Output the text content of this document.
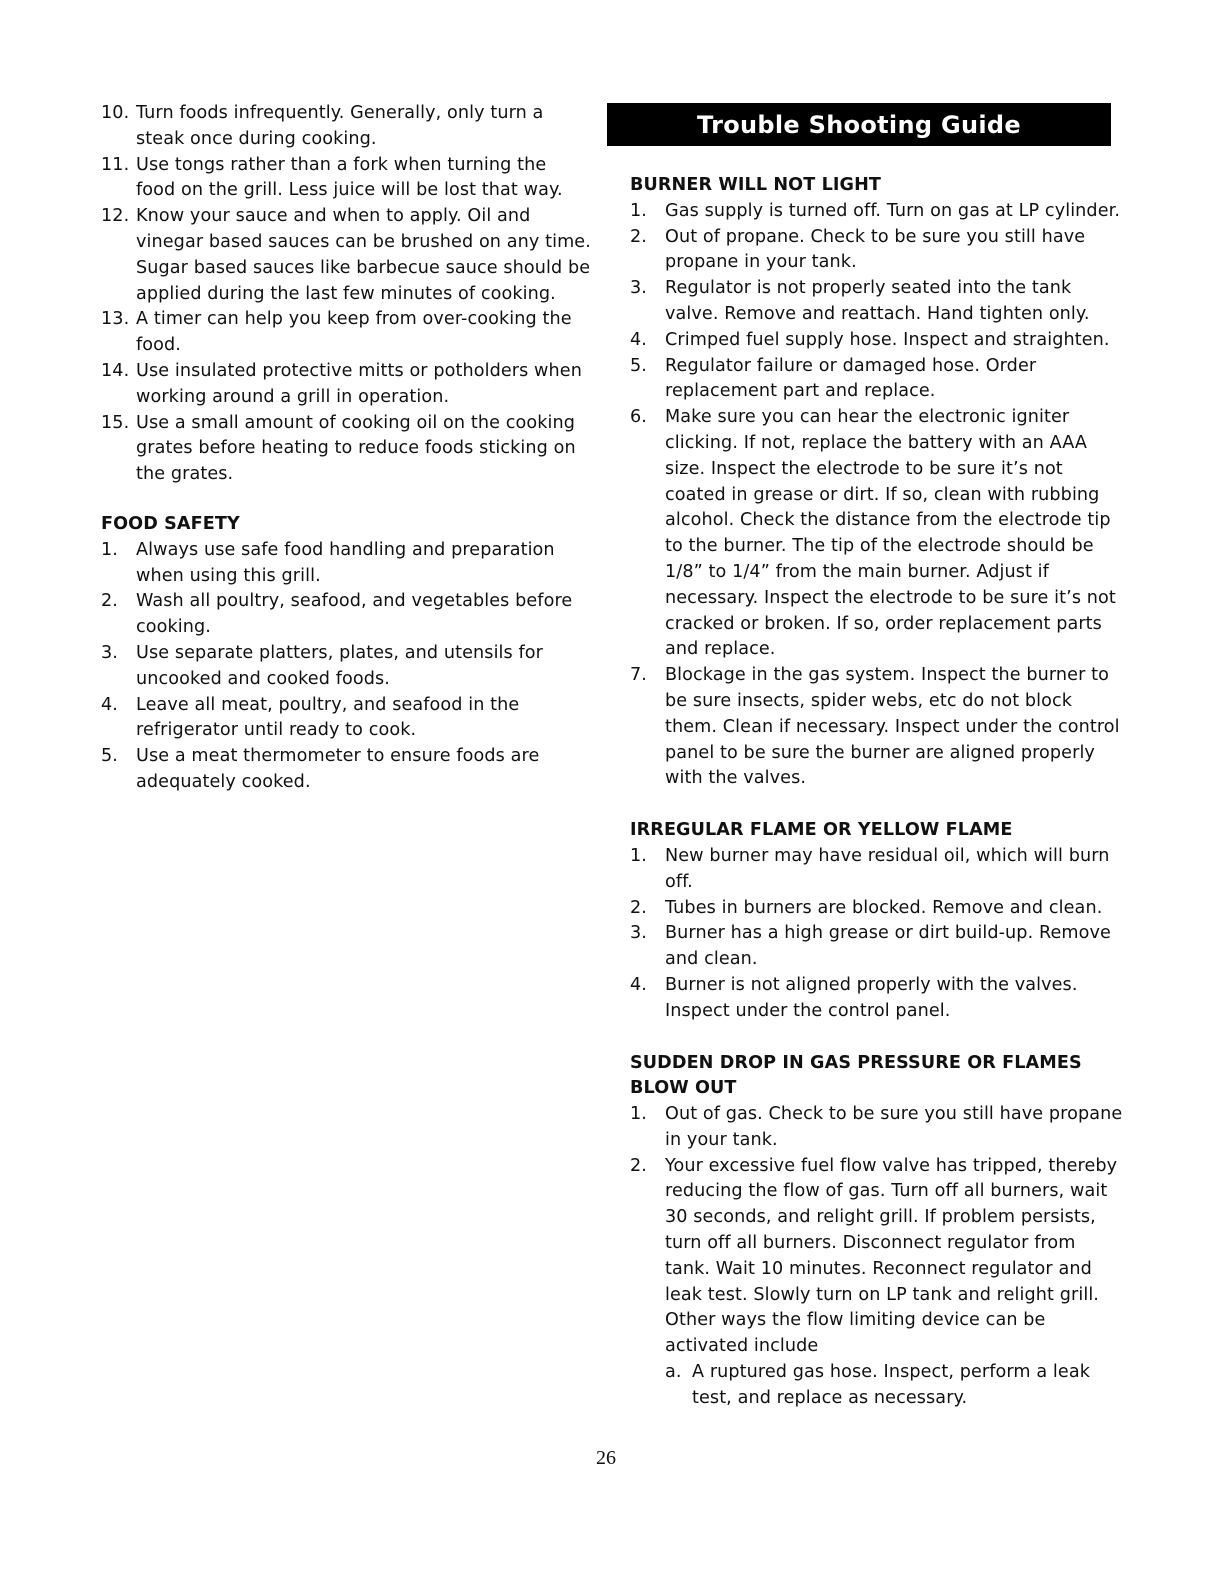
10. Turn foods infrequently. Generally, only turn a steak once during cooking.
11. Use tongs rather than a fork when turning the food on the grill. Less juice will be lost that way.
12. Know your sauce and when to apply. Oil and vinegar based sauces can be brushed on any time. Sugar based sauces like barbecue sauce should be applied during the last few minutes of cooking.
13. A timer can help you keep from over-cooking the food.
14. Use insulated protective mitts or potholders when working around a grill in operation.
15. Use a small amount of cooking oil on the cooking grates before heating to reduce foods sticking on the grates.
FOOD SAFETY
1. Always use safe food handling and preparation when using this grill.
2. Wash all poultry, seafood, and vegetables before cooking.
3. Use separate platters, plates, and utensils for uncooked and cooked foods.
4. Leave all meat, poultry, and seafood in the refrigerator until ready to cook.
5. Use a meat thermometer to ensure foods are adequately cooked.
Trouble Shooting Guide
BURNER WILL NOT LIGHT
1. Gas supply is turned off. Turn on gas at LP cylinder.
2. Out of propane. Check to be sure you still have propane in your tank.
3. Regulator is not properly seated into the tank valve. Remove and reattach. Hand tighten only.
4. Crimped fuel supply hose. Inspect and straighten.
5. Regulator failure or damaged hose. Order replacement part and replace.
6. Make sure you can hear the electronic igniter clicking. If not, replace the battery with an AAA size. Inspect the electrode to be sure it’s not coated in grease or dirt. If so, clean with rubbing alcohol. Check the distance from the electrode tip to the burner. The tip of the electrode should be 1/8” to 1/4” from the main burner. Adjust if necessary. Inspect the electrode to be sure it’s not cracked or broken. If so, order replacement parts and replace.
7. Blockage in the gas system. Inspect the burner to be sure insects, spider webs, etc do not block them. Clean if necessary. Inspect under the control panel to be sure the burner are aligned properly with the valves.
IRREGULAR FLAME OR YELLOW FLAME
1. New burner may have residual oil, which will burn off.
2. Tubes in burners are blocked. Remove and clean.
3. Burner has a high grease or dirt build-up. Remove and clean.
4. Burner is not aligned properly with the valves. Inspect under the control panel.
SUDDEN DROP IN GAS PRESSURE OR FLAMES BLOW OUT
1. Out of gas. Check to be sure you still have propane in your tank.
2. Your excessive fuel flow valve has tripped, thereby reducing the flow of gas. Turn off all burners, wait 30 seconds, and relight grill. If problem persists, turn off all burners. Disconnect regulator from tank. Wait 10 minutes. Reconnect regulator and leak test. Slowly turn on LP tank and relight grill. Other ways the flow limiting device can be activated include
a. A ruptured gas hose. Inspect, perform a leak test, and replace as necessary.
26
